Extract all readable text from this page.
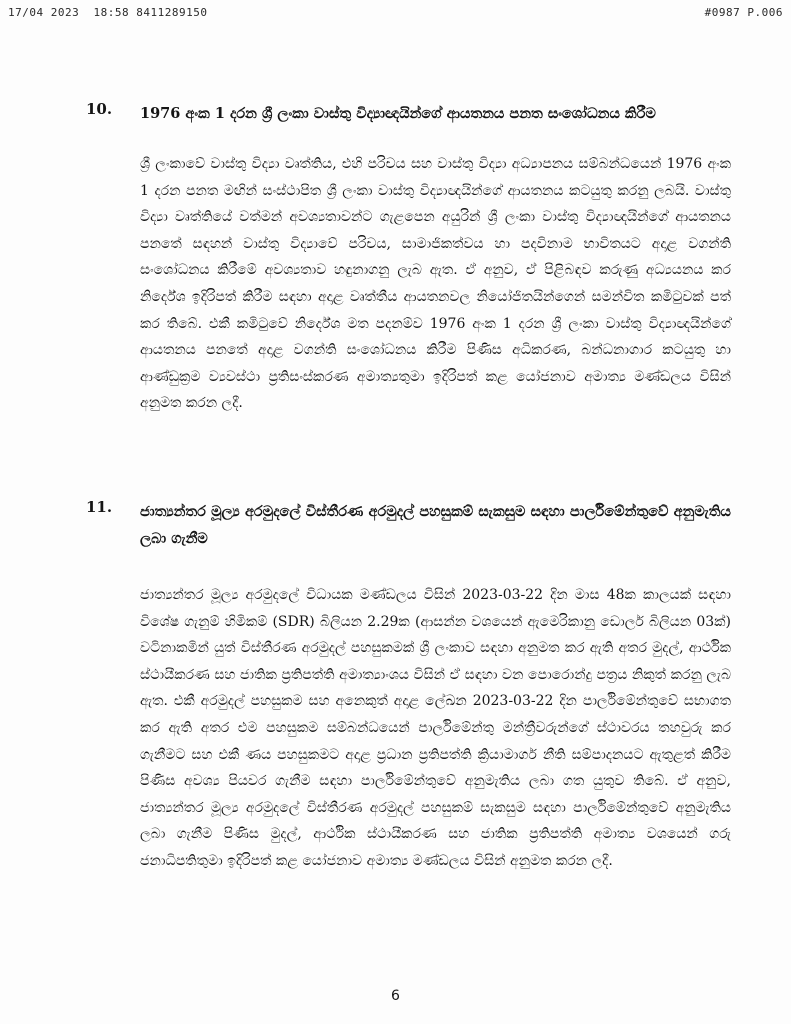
17/04 2023 18:58 8411289150	#0987 P.006
10. 1976 අංක 1 දරන ශ්‍රී ලංකා වාස්තු විද්‍යාඥයින්ගේ ආයතනය පනත සංශෝධනය කිරීම
ශ්‍රී ලංකාවේ වාස්තු විද්‍යා වෘත්තිය, එහි පරිචය සහ වාස්තු විද්‍යා අධ්‍යාපනය සම්බන්ධයෙන් 1976 අංක 1 දරන පනත මඟින් සංස්ථාපිත ශ්‍රී ලංකා වාස්තු විද්‍යාඥයින්ගේ ආයතනය කටයුතු කරනු ලබයි. වාස්තු විද්‍යා වෘත්තියේ වත්මන් අවශ්‍යතාවන්ට ගැළපෙන අයුරින් ශ්‍රී ලංකා වාස්තු විද්‍යාඥයින්ගේ ආයතනය පනතේ සඳහන් වාස්තු විද්‍යාවේ පරිචය, සාමාජිකත්වය හා පදවිනාම භාවිතයට අදාළ වගන්ති සංශෝධනය කිරීමේ අවශ්‍යතාව හඳුනාගනු ලැබ ඇත. ඒ අනුව, ඒ පිළිබඳව කරුණු අධ්‍යයනය කර නිර්දේශ ඉදිරිපත් කිරීම සඳහා අදාළ වෘත්තීය ආයතනවල නියෝජිතයින්ගෙන් සමන්විත කමිටුවක් පත් කර තිබේ. එකී කමිටුවේ නිර්දේශ මත පදනම්ව 1976 අංක 1 දරන ශ්‍රී ලංකා වාස්තු විද්‍යාඥයින්ගේ ආයතනය පනතේ අදාළ වගන්ති සංශෝධනය කිරීම පිණිස අධිකරණ, බන්ධනාගාර කටයුතු හා ආණ්ඩුක්‍රම ව්‍යවස්ථා ප්‍රතිසංස්කරණ අමාත්‍යතුමා ඉදිරිපත් කළ යෝජනාව අමාත්‍ය මණ්ඩලය විසින් අනුමත කරන ලදී.
11. ජාත්‍යන්තර මූල්‍ය අරමුදලේ විස්තීරණ අරමුදල් පහසුකම් සැකසුම සඳහා පාර්ලිමේන්තුවේ අනුමැතිය ලබා ගැනීම
ජාත්‍යන්තර මූල්‍ය අරමුදලේ විධායක මණ්ඩලය විසින් 2023-03-22 දින මාස 48ක කාලයක් සඳහා විශේෂ ගැනුම් හිමිකම් (SDR) බිලියන 2.29ක (ආසන්න වශයෙන් ඇමෙරිකානු ඩොලර් බිලියන 03ක්) වටිනාකමින් යුත් විස්තීරණ අරමුදල් පහසුකමක් ශ්‍රී ලංකාව සඳහා අනුමත කර ඇති අතර මුදල්, ආර්ථික ස්ථායීකරණ සහ ජාතික ප්‍රතිපත්ති අමාත්‍යාංශය විසින් ඒ සඳහා වන පොරොන්දු පත්‍රය නිකුත් කරනු ලැබ ඇත. එකී අරමුදල් පහසුකම සහ අනෙකුත් අදාළ ලේඛන 2023-03-22 දින පාර්ලිමේන්තුවේ සභාගත කර ඇති අතර එම පහසුකම සම්බන්ධයෙන් පාර්ලිමේන්තු මන්ත්‍රීවරුන්ගේ ස්ථාවරය තහවුරු කර ගැනීමට සහ එකී ණය පහසුකමට අදාළ ප්‍රධාන ප්‍රතිපත්ති ක්‍රියාමාර්ග නීති සම්පාදනයට ඇතුළත් කිරීම පිණිස අවශ්‍ය පියවර ගැනීම සඳහා පාර්ලිමේන්තුවේ අනුමැතිය ලබා ගත යුතුව තිබේ. ඒ අනුව, ජාත්‍යන්තර මූල්‍ය අරමුදලේ විස්තීරණ අරමුදල් පහසුකම් සැකසුම සඳහා පාර්ලිමේන්තුවේ අනුමැතිය ලබා ගැනීම පිණිස මුදල්, ආර්ථික ස්ථායීකරණ සහ ජාතික ප්‍රතිපත්ති අමාත්‍ය වශයෙන් ගරු ජනාධිපතිතුමා ඉදිරිපත් කළ යෝජනාව අමාත්‍ය මණ්ඩලය විසින් අනුමත කරන ලදී.
6
